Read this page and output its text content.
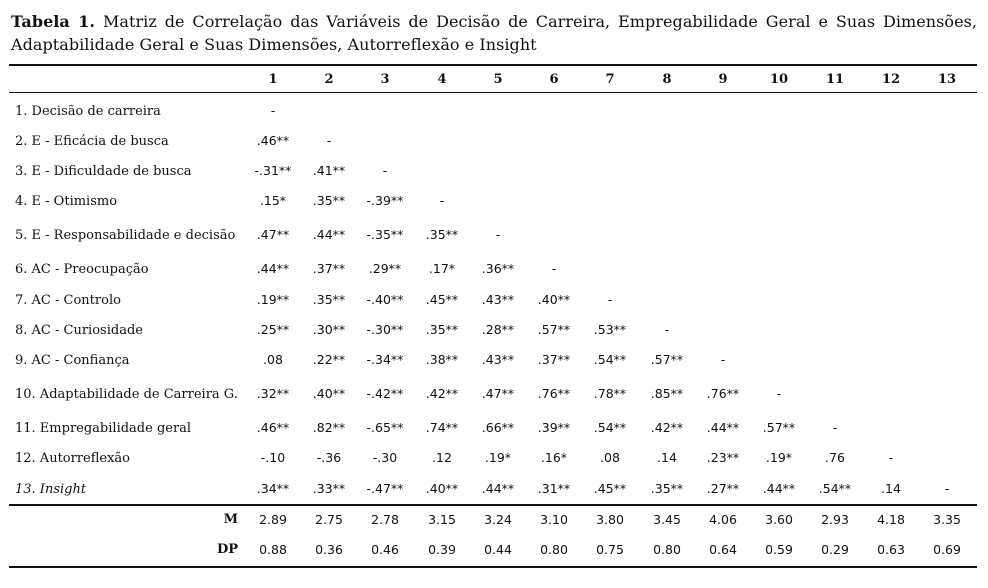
Tabela 1. Matriz de Correlação das Variáveis de Decisão de Carreira, Empregabilidade Geral e Suas Dimensões, Adaptabilidade Geral e Suas Dimensões, Autorreflexão e Insight
1	2	3	4	5	6	7	8	9	10	11	12	13
1. Decisão de carreira	-
2. E - Eficácia de busca	.46**	-
3. E - Dificuldade de busca	-.31**	.41**	-
4. E - Otimismo	.15*	.35**	-.39**	-
5. E - Responsabilidade e decisão	.47**	.44**	-.35**	.35**	-
6. AC - Preocupação	.44**	.37**	.29**	.17*	.36**	-
7. AC - Controlo	.19**	.35**	-.40**	.45**	.43**	.40**	-
8. AC - Curiosidade	.25**	.30**	-.30**	.35**	.28**	.57**	.53**	-
9. AC - Confiança	.08	.22**	-.34**	.38**	.43**	.37**	.54**	.57**	-
10. Adaptabilidade de Carreira G.	.32**	.40**	-.42**	.42**	.47**	.76**	.78**	.85**	.76**	-
11. Empregabilidade geral	.46**	.82**	-.65**	.74**	.66**	.39**	.54**	.42**	.44**	.57**	-
12. Autorreflexão	-.10	-.36	-.30	.12	.19*	.16*	.08	.14	.23**	.19*	.76	-
13. Insight	.34**	.33**	-.47**	.40**	.44**	.31**	.45**	.35**	.27**	.44**	.54**	.14	-
M	2.89	2.75	2.78	3.15	3.24	3.10	3.80	3.45	4.06	3.60	2.93	4.18	3.35
DP	0.88	0.36	0.46	0.39	0.44	0.80	0.75	0.80	0.64	0.59	0.29	0.63	0.69
